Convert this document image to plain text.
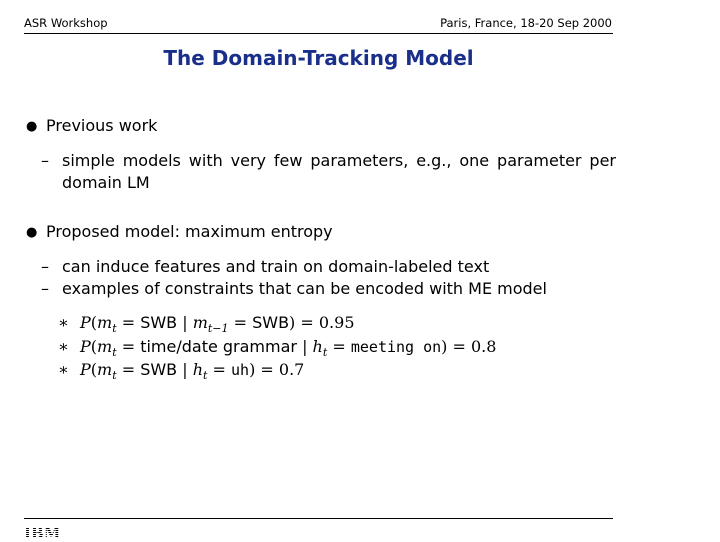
ASR Workshop	Paris, France, 18-20 Sep 2000
The Domain-Tracking Model
● Previous work
– simple models with very few parameters, e.g., one parameter per domain LM
● Proposed model: maximum entropy
– can induce features and train on domain-labeled text
– examples of constraints that can be encoded with ME model
∗ $P(m_t$ = SWB | $m_{t-1} = SWB) = 0.95$
∗ $P(m_t$ = time/date grammar | $h_t$ = meeting on) = 0.8
∗ $P(m_t$ = SWB | $h_t = uh) = 0.7$
IBM
